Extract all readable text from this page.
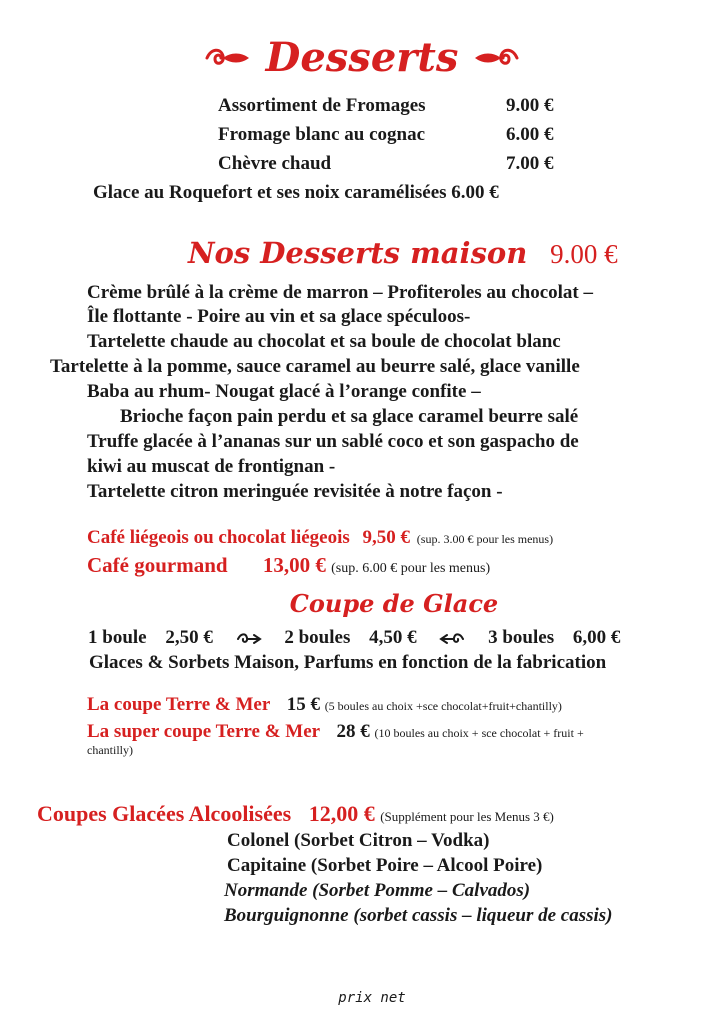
Desserts
Assortiment de Fromages	9.00 €
Fromage blanc au cognac	6.00 €
Chèvre chaud	7.00 €
Glace au Roquefort et ses noix caramélisées 6.00 €
Nos Desserts maison 9.00 €
Crème brûlé à la crème de marron – Profiteroles au chocolat –
Île flottante - Poire au vin et sa glace spéculoos-
Tartelette chaude au chocolat et sa boule de chocolat blanc
Tartelette à la pomme, sauce caramel au beurre salé, glace vanille
Baba au rhum- Nougat glacé à l’orange confite –
Brioche façon pain perdu et sa glace caramel beurre salé
Truffe glacée à l’ananas sur un sablé coco et son gaspacho de
kiwi au muscat de frontignan -
Tartelette citron meringuée revisitée à notre façon -
Café liégeois ou chocolat liégeois 9,50 € (sup. 3.00 € pour les menus)
Café gourmand 13,00 € (sup. 6.00 € pour les menus)
Coupe de Glace
1 boule 2,50 €	2 boules 4,50 €	3 boules 6,00 €
Glaces & Sorbets Maison, Parfums en fonction de la fabrication
La coupe Terre & Mer 15 € (5 boules au choix +sce chocolat+fruit+chantilly)
La super coupe Terre & Mer 28 € (10 boules au choix + sce chocolat + fruit +
chantilly)
Coupes Glacées Alcoolisées 12,00 € (Supplément pour les Menus 3 €)
Colonel (Sorbet Citron – Vodka)
Capitaine (Sorbet Poire – Alcool Poire)
Normande (Sorbet Pomme – Calvados)
Bourguignonne (sorbet cassis – liqueur de cassis)
prix net
